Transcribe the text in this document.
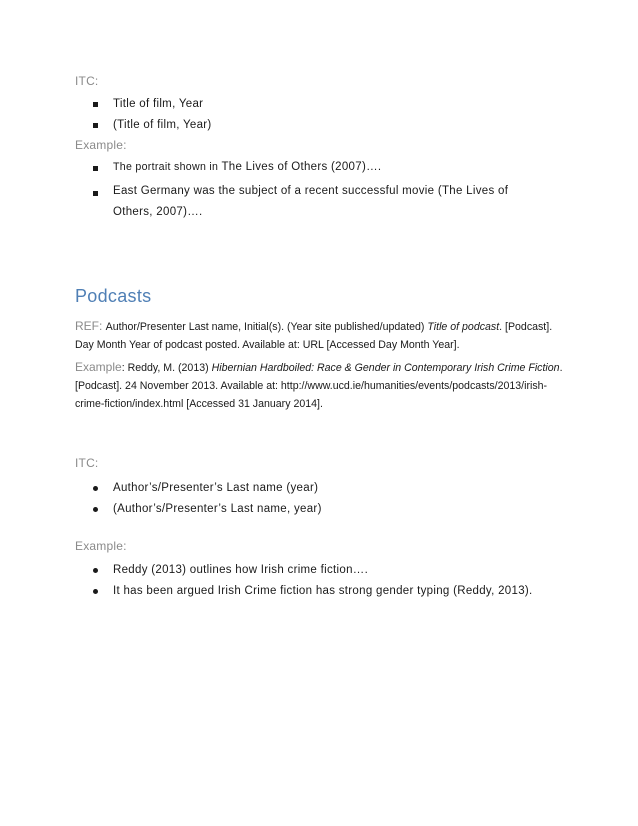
ITC:
Title of film, Year
(Title of film, Year)
Example:
The portrait shown in The Lives of Others (2007)….
East Germany was the subject of a recent successful movie (The Lives of Others, 2007)….
Podcasts
REF: Author/Presenter Last name, Initial(s). (Year site published/updated) Title of podcast. [Podcast]. Day Month Year of podcast posted. Available at: URL [Accessed Day Month Year].
Example: Reddy, M. (2013) Hibernian Hardboiled: Race & Gender in Contemporary Irish Crime Fiction. [Podcast]. 24 November 2013. Available at: http://www.ucd.ie/humanities/events/podcasts/2013/irish-crime-fiction/index.html [Accessed 31 January 2014].
ITC:
Author’s/Presenter’s Last name (year)
(Author’s/Presenter’s Last name, year)
Example:
Reddy (2013) outlines how Irish crime fiction….
It has been argued Irish Crime fiction has strong gender typing (Reddy, 2013).
